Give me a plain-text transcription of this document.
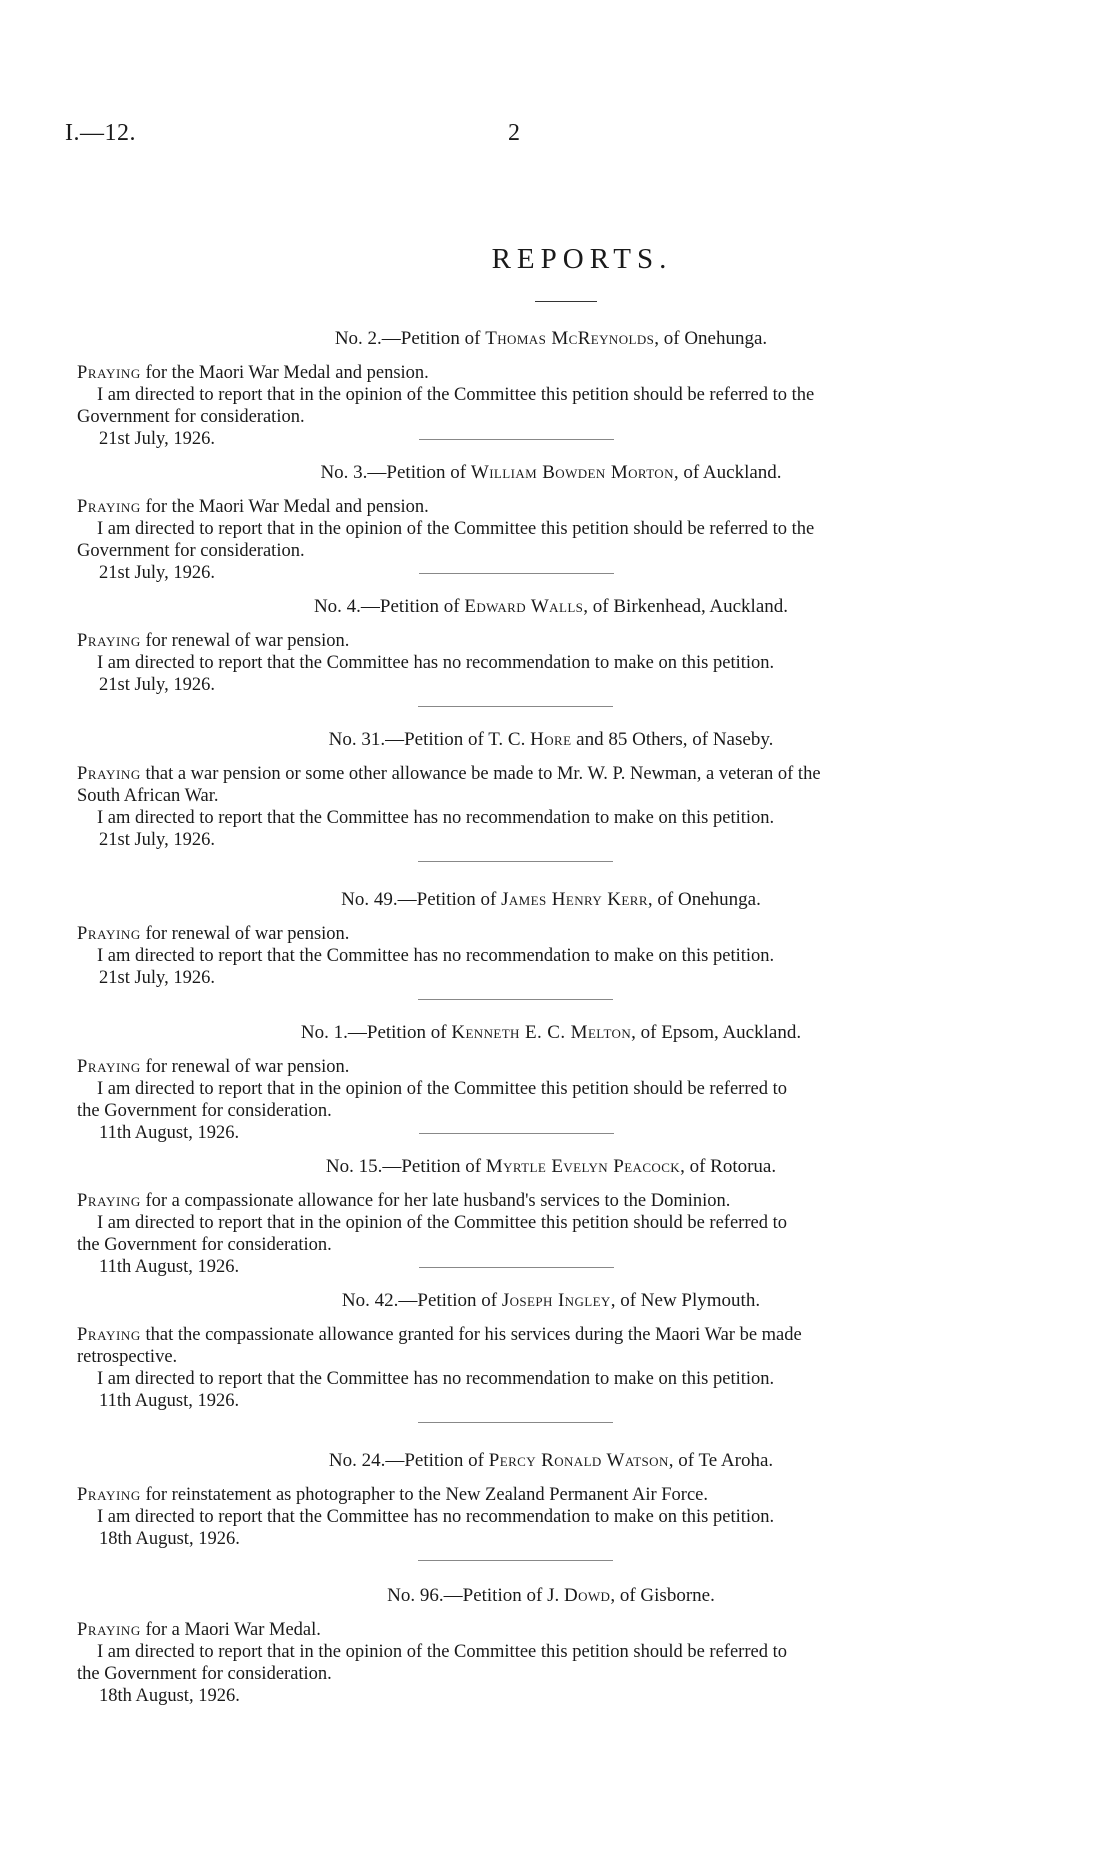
I.—12.	2
REPORTS.
No. 2.—Petition of Thomas McReynolds, of Onehunga.
Praying for the Maori War Medal and pension.
I am directed to report that in the opinion of the Committee this petition should be referred to the
Government for consideration.
21st July, 1926.
No. 3.—Petition of William Bowden Morton, of Auckland.
Praying for the Maori War Medal and pension.
I am directed to report that in the opinion of the Committee this petition should be referred to the
Government for consideration.
21st July, 1926.
No. 4.—Petition of Edward Walls, of Birkenhead, Auckland.
Praying for renewal of war pension.
I am directed to report that the Committee has no recommendation to make on this petition.
21st July, 1926.
No. 31.—Petition of T. C. Hore and 85 Others, of Naseby.
Praying that a war pension or some other allowance be made to Mr. W. P. Newman, a veteran of the
South African War.
I am directed to report that the Committee has no recommendation to make on this petition.
21st July, 1926.
No. 49.—Petition of James Henry Kerr, of Onehunga.
Praying for renewal of war pension.
I am directed to report that the Committee has no recommendation to make on this petition.
21st July, 1926.
No. 1.—Petition of Kenneth E. C. Melton, of Epsom, Auckland.
Praying for renewal of war pension.
I am directed to report that in the opinion of the Committee this petition should be referred to
the Government for consideration.
11th August, 1926.
No. 15.—Petition of Myrtle Evelyn Peacock, of Rotorua.
Praying for a compassionate allowance for her late husband's services to the Dominion.
I am directed to report that in the opinion of the Committee this petition should be referred to
the Government for consideration.
11th August, 1926.
No. 42.—Petition of Joseph Ingley, of New Plymouth.
Praying that the compassionate allowance granted for his services during the Maori War be made
retrospective.
I am directed to report that the Committee has no recommendation to make on this petition.
11th August, 1926.
No. 24.—Petition of Percy Ronald Watson, of Te Aroha.
Praying for reinstatement as photographer to the New Zealand Permanent Air Force.
I am directed to report that the Committee has no recommendation to make on this petition.
18th August, 1926.
No. 96.—Petition of J. Dowd, of Gisborne.
Praying for a Maori War Medal.
I am directed to report that in the opinion of the Committee this petition should be referred to
the Government for consideration.
18th August, 1926.
